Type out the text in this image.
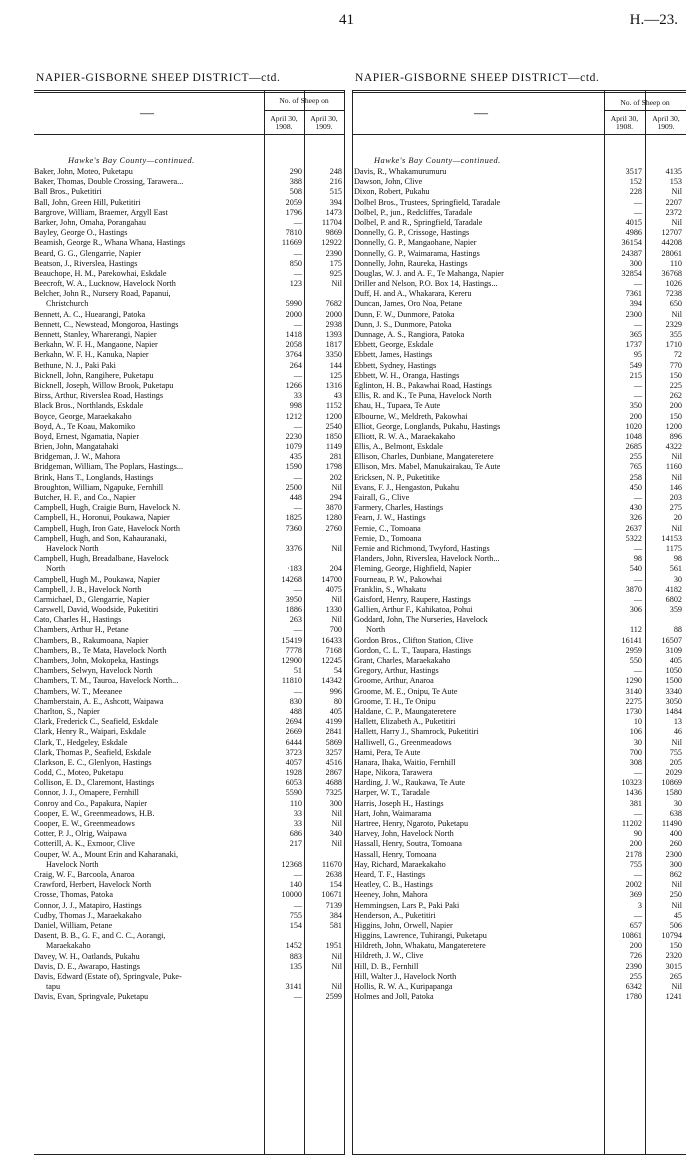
41	H.—23.
NAPIER-GISBORNE SHEEP DISTRICT—ctd.	NAPIER-GISBORNE SHEEP DISTRICT—ctd.
No. of Sheep on
—	April 30, 1908.
April 30, 1909.
Hawke's Bay County—continued.
Baker, John, Moteo, Puketapu	290	248
Baker, Thomas, Double Crossing, Tarawera...	388	216
Ball Bros., Puketitiri	508	515
Ball, John, Green Hill, Puketitiri	2059	394
Bargrove, William, Braemer, Argyll East	1796	1473
Barker, John, Omaha, Porangahau	— 11704
Bayley, George O., Hastings	7810	9869
Beamish, George R., Whana Whana, Hastings	11669 12922
Beard, G. G., Glengarrie, Napier	—	2390
Beatson, J., Riverslea, Hastings	850	175
Beauchope, H. M., Parekowhai, Eskdale	—	925
Beecroft, W. A., Lucknow, Havelock North	123	Nil
Belcher, John R., Nursery Road, Papanui,
Christchurch	5990	7682
Bennett, A. C., Huearangi, Patoka	2000	2000
Bennett, C., Newstead, Mongoroa, Hastings	—	2938
Bennett, Stanley, Wharerangi, Napier	1418	1393
Berkahn, W. F. H., Mangaone, Napier	2058	1817
Berkahn, W. F. H., Kanuka, Napier	3764	3350
Bethune, N. J., Paki Paki	264	144
Bicknell, John, Rangihere, Puketapu	—	125
Bicknell, Joseph, Willow Brook, Puketapu	1266	1316
Birss, Arthur, Riverslea Road, Hastings	33	43
Black Bros., Northlands, Eskdale	998	1152
Boyce, George, Maraekakaho	1212	1200
Boyd, A., Te Koau, Makomiko	—	2540
Boyd, Ernest, Ngamatia, Napier	2230	1850
Brien, John, Mangatahaki	1079	1149
Bridgeman, J. W., Mahora	435	281
Bridgeman, William, The Poplars, Hastings...	1590	1798
Brink, Hans T., Longlands, Hastings	—	202
Broughton, William, Ngapuke, Fernhill	2500	Nil
Butcher, H. F., and Co., Napier	448	294
Campbell, Hugh, Craigie Burn, Havelock N.	—	3870
Campbell, H., Horonui, Poukawa, Napier	1825	1280
Campbell, Hugh, Iron Gate, Havelock North	7360	2760
Campbell, Hugh, and Son, Kahauranaki,
Havelock North	3376	Nil
Campbell, Hugh, Breadalbane, Havelock
North	·183	204
Campbell, Hugh M., Poukawa, Napier	14268 14700
Campbell, J. B., Havelock North	—	4075
Carmichael, D., Glengarrie, Napier	3950	Nil
Carswell, David, Woodside, Puketitiri	1886	1330
Cato, Charles H., Hastings	263	Nil
Chambers, Arthur H., Petane	—	700
Chambers, B., Rakumoana, Napier	15419 16433
Chambers, B., Te Mata, Havelock North	7778	7168
Chambers, John, Mokopeka, Hastings	12900 12245
Chambers, Selwyn, Havelock North	51	54
Chambers, T. M., Tauroa, Havelock North...	11810 14342
Chambers, W. T., Meeanee	—	996
Chamberstain, A. E., Ashcott, Waipawa	830	80
Charlton, S., Napier	488	405
Clark, Frederick C., Seafield, Eskdale	2694	4199
Clark, Henry R., Waipari, Eskdale	2669	2841
Clark, T., Hedgeley, Eskdale	6444	5869
Clark, Thomas P., Seafield, Eskdale	3723	3257
Clarkson, E. C., Glenlyon, Hastings	4057	4516
Codd, C., Moteo, Puketapu	1928	2867
Collison, E. D., Claremont, Hastings	6053	4688
Connor, J. J., Omapere, Fernhill	5590	7325
Conroy and Co., Papakura, Napier	110	300
Cooper, E. W., Greenmeadows, H.B.	33	Nil
Cooper, E. W., Greenmeadows	33	Nil
Cotter, P. J., Olrig, Waipawa	686	340
Cotterill, A. K., Exmoor, Clive	217	Nil
Couper, W. A., Mount Erin and Kaharanaki,
Havelock North	12368 11670
Craig, W. F., Barcoola, Anaroa	—	2638
Crawford, Herbert, Havelock North	140	154
Crosse, Thomas, Patoka	10000 10671
Connor, J. J., Matapiro, Hastings	—	7139
Cudby, Thomas J., Maraekakaho	755	384
Daniel, William, Petane	154	581
Dasent, B. B., G. F., and C. C., Aorangi,
Maraekakaho	1452	1951
Davey, W. H., Oatlands, Pukahu	883	Nil
Davis, D. E., Awarapo, Hastings	135	Nil
Davis, Edward (Estate of), Springvale, Puke-
tapu	3141	Nil
Davis, Evan, Springvale, Puketapu	—	2599
No. of Sheep on
—	April 30, 1908.
April 30, 1909.
Hawke's Bay County—continued.
Davis, R., Whakamurumuru	3517	4135
Dawson, John, Clive	152	153
Dixon, Robert, Pukahu	228	Nil
Dolbel Bros., Trustees, Springfield, Taradale	—	2207
Dolbel, P., jun., Redcliffes, Taradale	—	2372
Dolbel, P. and R., Springfield, Taradale	4015	Nil
Donnelly, G. P., Crissoge, Hastings	4986 12707
Donnelly, G. P., Mangaohane, Napier	36154 44208
Donnelly, G. P., Waimarama, Hastings	24387 28061
Donnelly, John, Raureka, Hastings	300	110
Douglas, W. J. and A. F., Te Mahanga, Napier	32854 36768
Driller and Nelson, P.O. Box 14, Hastings...	—	1026
Duff, H. and A., Whakarara, Kereru	7361	7238
Duncan, James, Oro Noa, Petane	394	650
Dunn, F. W., Dunmore, Patoka	2300	Nil
Dunn, J. S., Dunmore, Patoka	—	2329
Dunnage, A. S., Rangiora, Patoka	365	355
Ebbett, George, Eskdale	1737	1710
Ebbett, James, Hastings	95	72
Ebbett, Sydney, Hastings	549	770
Ebbett, W. H., Oranga, Hastings	215	150
Eglinton, H. B., Pakawhai Road, Hastings	—	225
Ellis, R. and K., Te Puna, Havelock North	—	262
Ehau, H., Tupaea, Te Aute	350	200
Elbourne, W., Meldreth, Pakowhai	200	150
Elliot, George, Longlands, Pukahu, Hastings	1020	1200
Elliott, R. W. A., Maraekakaho	1048	896
Ellis, A., Belmont, Eskdale	2685	4322
Ellison, Charles, Dunbiane, Mangateretere	255	Nil
Ellison, Mrs. Mabel, Manukairakau, Te Aute	765	1160
Ericksen, N. P., Puketitike	258	Nil
Evans, F. J., Hengaston, Pukahu	450	146
Fairall, G., Clive	—	203
Farmery, Charles, Hastings	430	275
Fearn, J. W., Hastings	326	20
Fernie, C., Tomoana	2637	Nil
Fernie, D., Tomoana	5322 14153
Fernie and Richmond, Twyford, Hastings	—	1175
Flanders, John, Riverslea, Havelock North...	98	98
Fleming, George, Highfield, Napier	540	561
Fourneau, P. W., Pakowhai	—	30
Franklin, S., Whakatu	3870	4182
Gaisford, Henry, Raupere, Hastings	—	6802
Gallien, Arthur F., Kahikatoa, Pohui	306	359
Goddard, John, The Nurseries, Havelock
North	112	88
Gordon Bros., Clifton Station, Clive	16141 16507
Gordon, C. L. T., Taupara, Hastings	2959	3109
Grant, Charles, Maraekakaho	550	405
Gregory, Arthur, Hastings	—	1050
Groome, Arthur, Anaroa	1290	1500
Groome, M. E., Onipu, Te Aute	3140	3340
Groome, T. H., Te Onipu	2275	3050
Haldane, C. P., Maungateretere	1730	1484
Hallett, Elizabeth A., Puketitiri	10	13
Hallett, Harry J., Shamrock, Puketitiri	106	46
Halliwell, G., Greenmeadows	30	Nil
Hami, Pera, Te Aute	700	755
Hanara, Ihaka, Waitio, Fernhill	308	205
Hape, Nikora, Tarawera	—	2029
Harding, J. W., Raukawa, Te Aute	10323 10869
Harper, W. T., Taradale	1436	1580
Harris, Joseph H., Hastings	381	30
Hart, John, Waimarama	—	638
Hartree, Henry, Ngaroto, Puketapu	11202 11490
Harvey, John, Havelock North	90	400
Hassall, Henry, Soutra, Tomoana	200	260
Hassall, Henry, Tomoana	2178	2300
Hay, Richard, Maraekakaho	755	300
Heard, T. F., Hastings	—	862
Heatley, C. B., Hastings	2002	Nil
Heeney, John, Mahora	369	250
Hemmingsen, Lars P., Paki Paki	3	Nil
Henderson, A., Puketitiri	—	45
Higgins, John, Orwell, Napier	657	506
Higgins, Lawrence, Tuhirangi, Puketapu	10861 10794
Hildreth, John, Whakatu, Mangateretere	200	150
Hildreth, J. W., Clive	726	2320
Hill, D. B., Fernhill	2390	3015
Hill, Walter J., Havelock North	255	265
Hollis, R. W. A., Kuripapanga	6342	Nil
Holmes and Joll, Patoka	1780	1241
